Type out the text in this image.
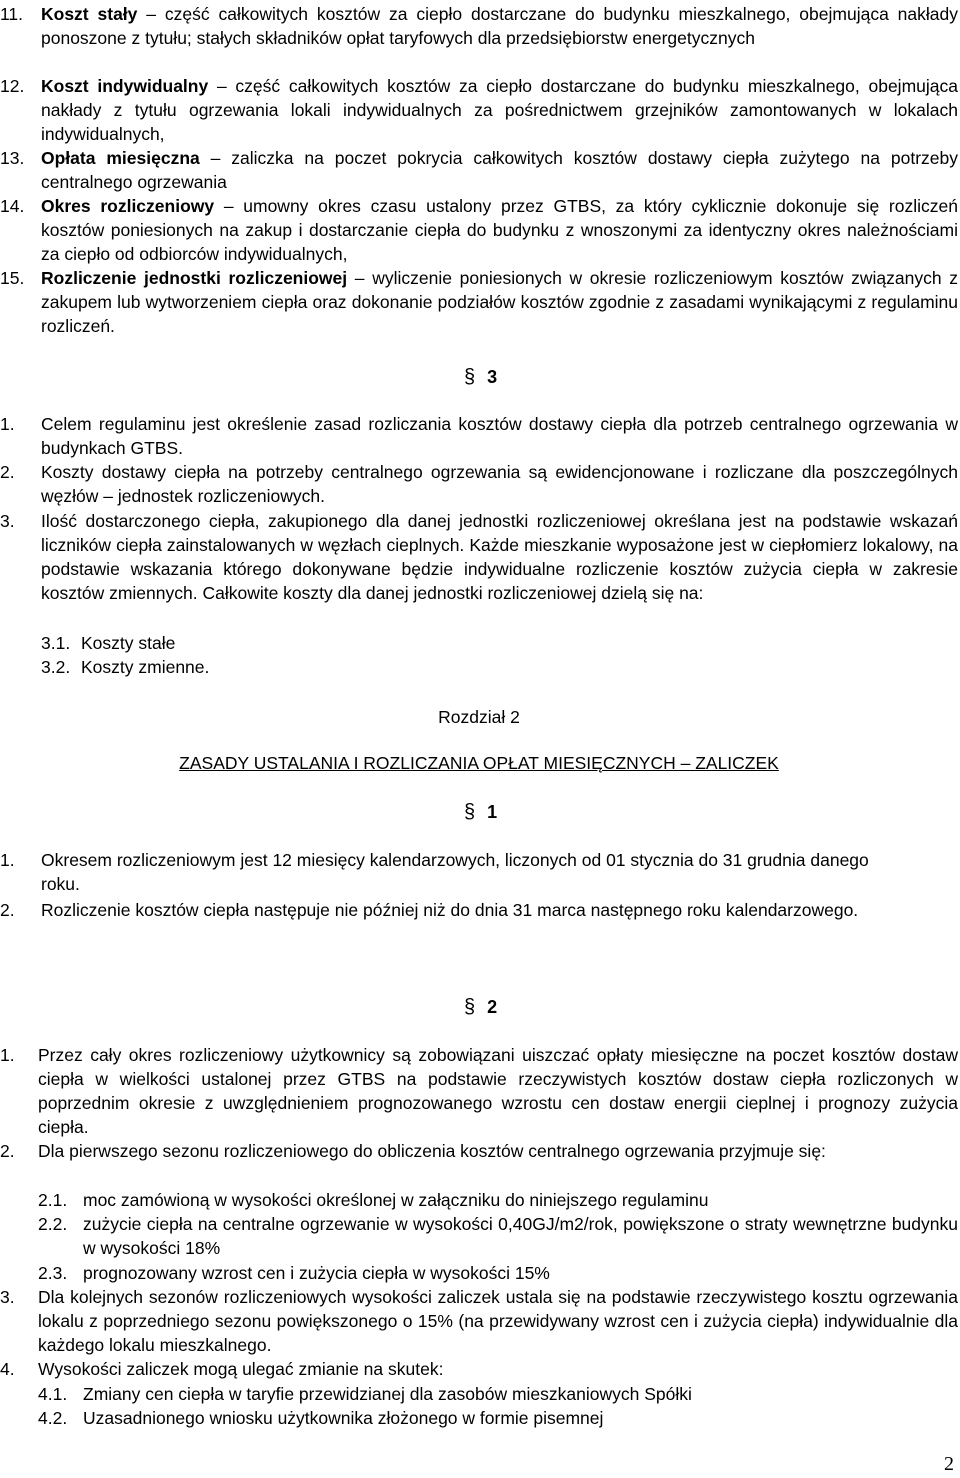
11. Koszt stały – część całkowitych kosztów za ciepło dostarczane do budynku mieszkalnego, obejmująca nakłady ponoszone z tytułu; stałych składników opłat taryfowych dla przedsiębiorstw energetycznych
12. Koszt indywidualny – część całkowitych kosztów za ciepło dostarczane do budynku mieszkalnego, obejmująca nakłady z tytułu ogrzewania lokali indywidualnych za pośrednictwem grzejników zamontowanych w lokalach indywidualnych,
13. Opłata miesięczna – zaliczka na poczet pokrycia całkowitych kosztów dostawy ciepła zużytego na potrzeby centralnego ogrzewania
14. Okres rozliczeniowy – umowny okres czasu ustalony przez GTBS, za który cyklicznie dokonuje się rozliczeń kosztów poniesionych na zakup i dostarczanie ciepła do budynku z wnoszonymi za identyczny okres należnościami za ciepło od odbiorców indywidualnych,
15. Rozliczenie jednostki rozliczeniowej – wyliczenie poniesionych w okresie rozliczeniowym kosztów związanych z zakupem lub wytworzeniem ciepła oraz dokonanie podziałów kosztów zgodnie z zasadami wynikającymi z regulaminu rozliczeń.
§ 3
1. Celem regulaminu jest określenie zasad rozliczania kosztów dostawy ciepła dla potrzeb centralnego ogrzewania w budynkach GTBS.
2. Koszty dostawy ciepła na potrzeby centralnego ogrzewania są ewidencjonowane i rozliczane dla poszczególnych węzłów – jednostek rozliczeniowych.
3. Ilość dostarczonego ciepła, zakupionego dla danej jednostki rozliczeniowej określana jest na podstawie wskazań liczników ciepła zainstalowanych w węzłach cieplnych. Każde mieszkanie wyposażone jest w ciepłomierz lokalowy, na podstawie wskazania którego dokonywane będzie indywidualne rozliczenie kosztów zużycia ciepła w zakresie kosztów zmiennych. Całkowite koszty dla danej jednostki rozliczeniowej dzielą się na:
3.1. Koszty stałe
3.2. Koszty zmienne.
Rozdział 2
ZASADY USTALANIA I ROZLICZANIA OPŁAT MIESIĘCZNYCH – ZALICZEK
§ 1
1. Okresem rozliczeniowym jest 12 miesięcy kalendarzowych, liczonych od 01 stycznia do 31 grudnia danego roku.
2. Rozliczenie kosztów ciepła następuje nie później niż do dnia 31 marca następnego roku kalendarzowego.
§ 2
1. Przez cały okres rozliczeniowy użytkownicy są zobowiązani uiszczać opłaty miesięczne na poczet kosztów dostaw ciepła w wielkości ustalonej przez GTBS na podstawie rzeczywistych kosztów dostaw ciepła rozliczonych w poprzednim okresie z uwzględnieniem prognozowanego wzrostu cen dostaw energii cieplnej i prognozy zużycia ciepła.
2. Dla pierwszego sezonu rozliczeniowego do obliczenia kosztów centralnego ogrzewania przyjmuje się:
2.1. moc zamówioną w wysokości określonej w załączniku do niniejszego regulaminu
2.2. zużycie ciepła na centralne ogrzewanie w wysokości 0,40GJ/m2/rok, powiększone o straty wewnętrzne budynku w wysokości 18%
2.3. prognozowany wzrost cen i zużycia ciepła w wysokości 15%
3. Dla kolejnych sezonów rozliczeniowych wysokości zaliczek ustala się na podstawie rzeczywistego kosztu ogrzewania lokalu z poprzedniego sezonu powiększonego o 15% (na przewidywany wzrost cen i zużycia ciepła) indywidualnie dla każdego lokalu mieszkalnego.
4. Wysokości zaliczek mogą ulegać zmianie na skutek:
4.1. Zmiany cen ciepła w taryfie przewidzianej dla zasobów mieszkaniowych Spółki
4.2. Uzasadnionego wniosku użytkownika złożonego w formie pisemnej
2
